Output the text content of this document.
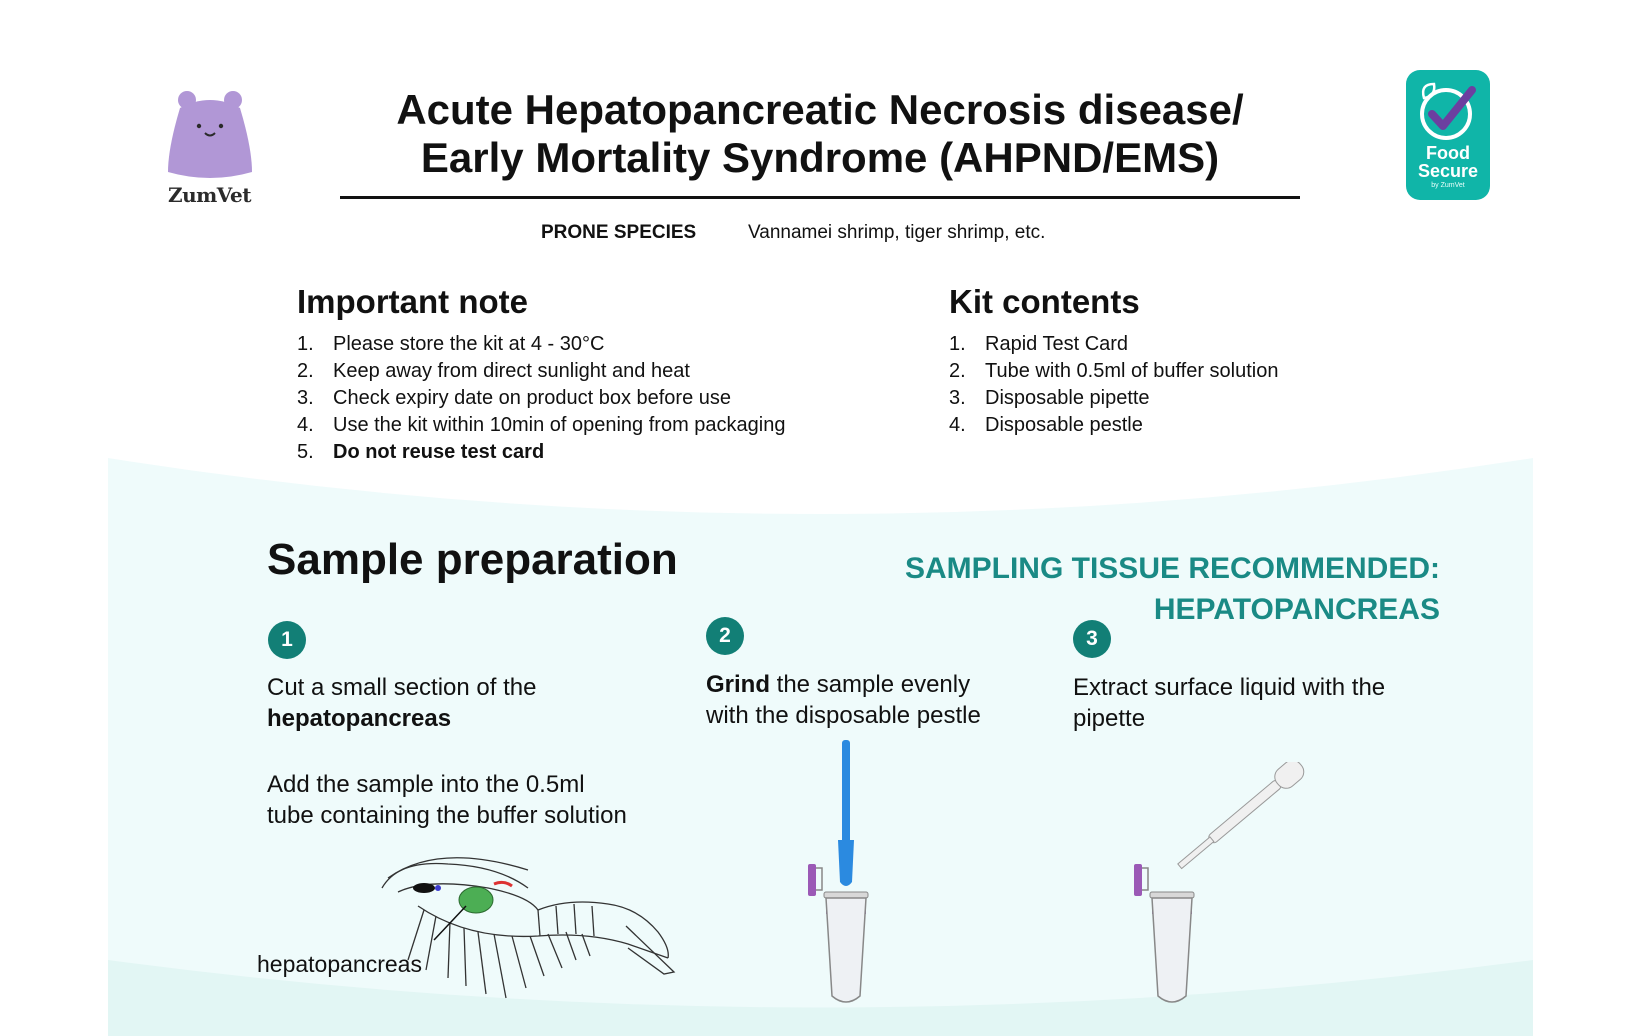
ZumVet
Acute Hepatopancreatic Necrosis disease/
Early Mortality Syndrome (AHPND/EMS)	Food
Secure
by ZumVet
PRONE SPECIES	Vannamei shrimp, tiger shrimp, etc.
Important note
1. Please store the kit at 4 - 30°C
2. Keep away from direct sunlight and heat
3. Check expiry date on product box before use
4. Use the kit within 10min of opening from packaging
5. Do not reuse test card
Kit contents
1. Rapid Test Card
2. Tube with 0.5ml of buffer solution
3. Disposable pipette
4. Disposable pestle
Sample preparation	SAMPLING TISSUE RECOMMENDED:
HEPATOPANCREAS
1
Cut a small section of the
hepatopancreas
Add the sample into the 0.5ml
tube containing the buffer solution
hepatopancreas
2
Grind the sample evenly
with the disposable pestle
3
Extract surface liquid with the
pipette
